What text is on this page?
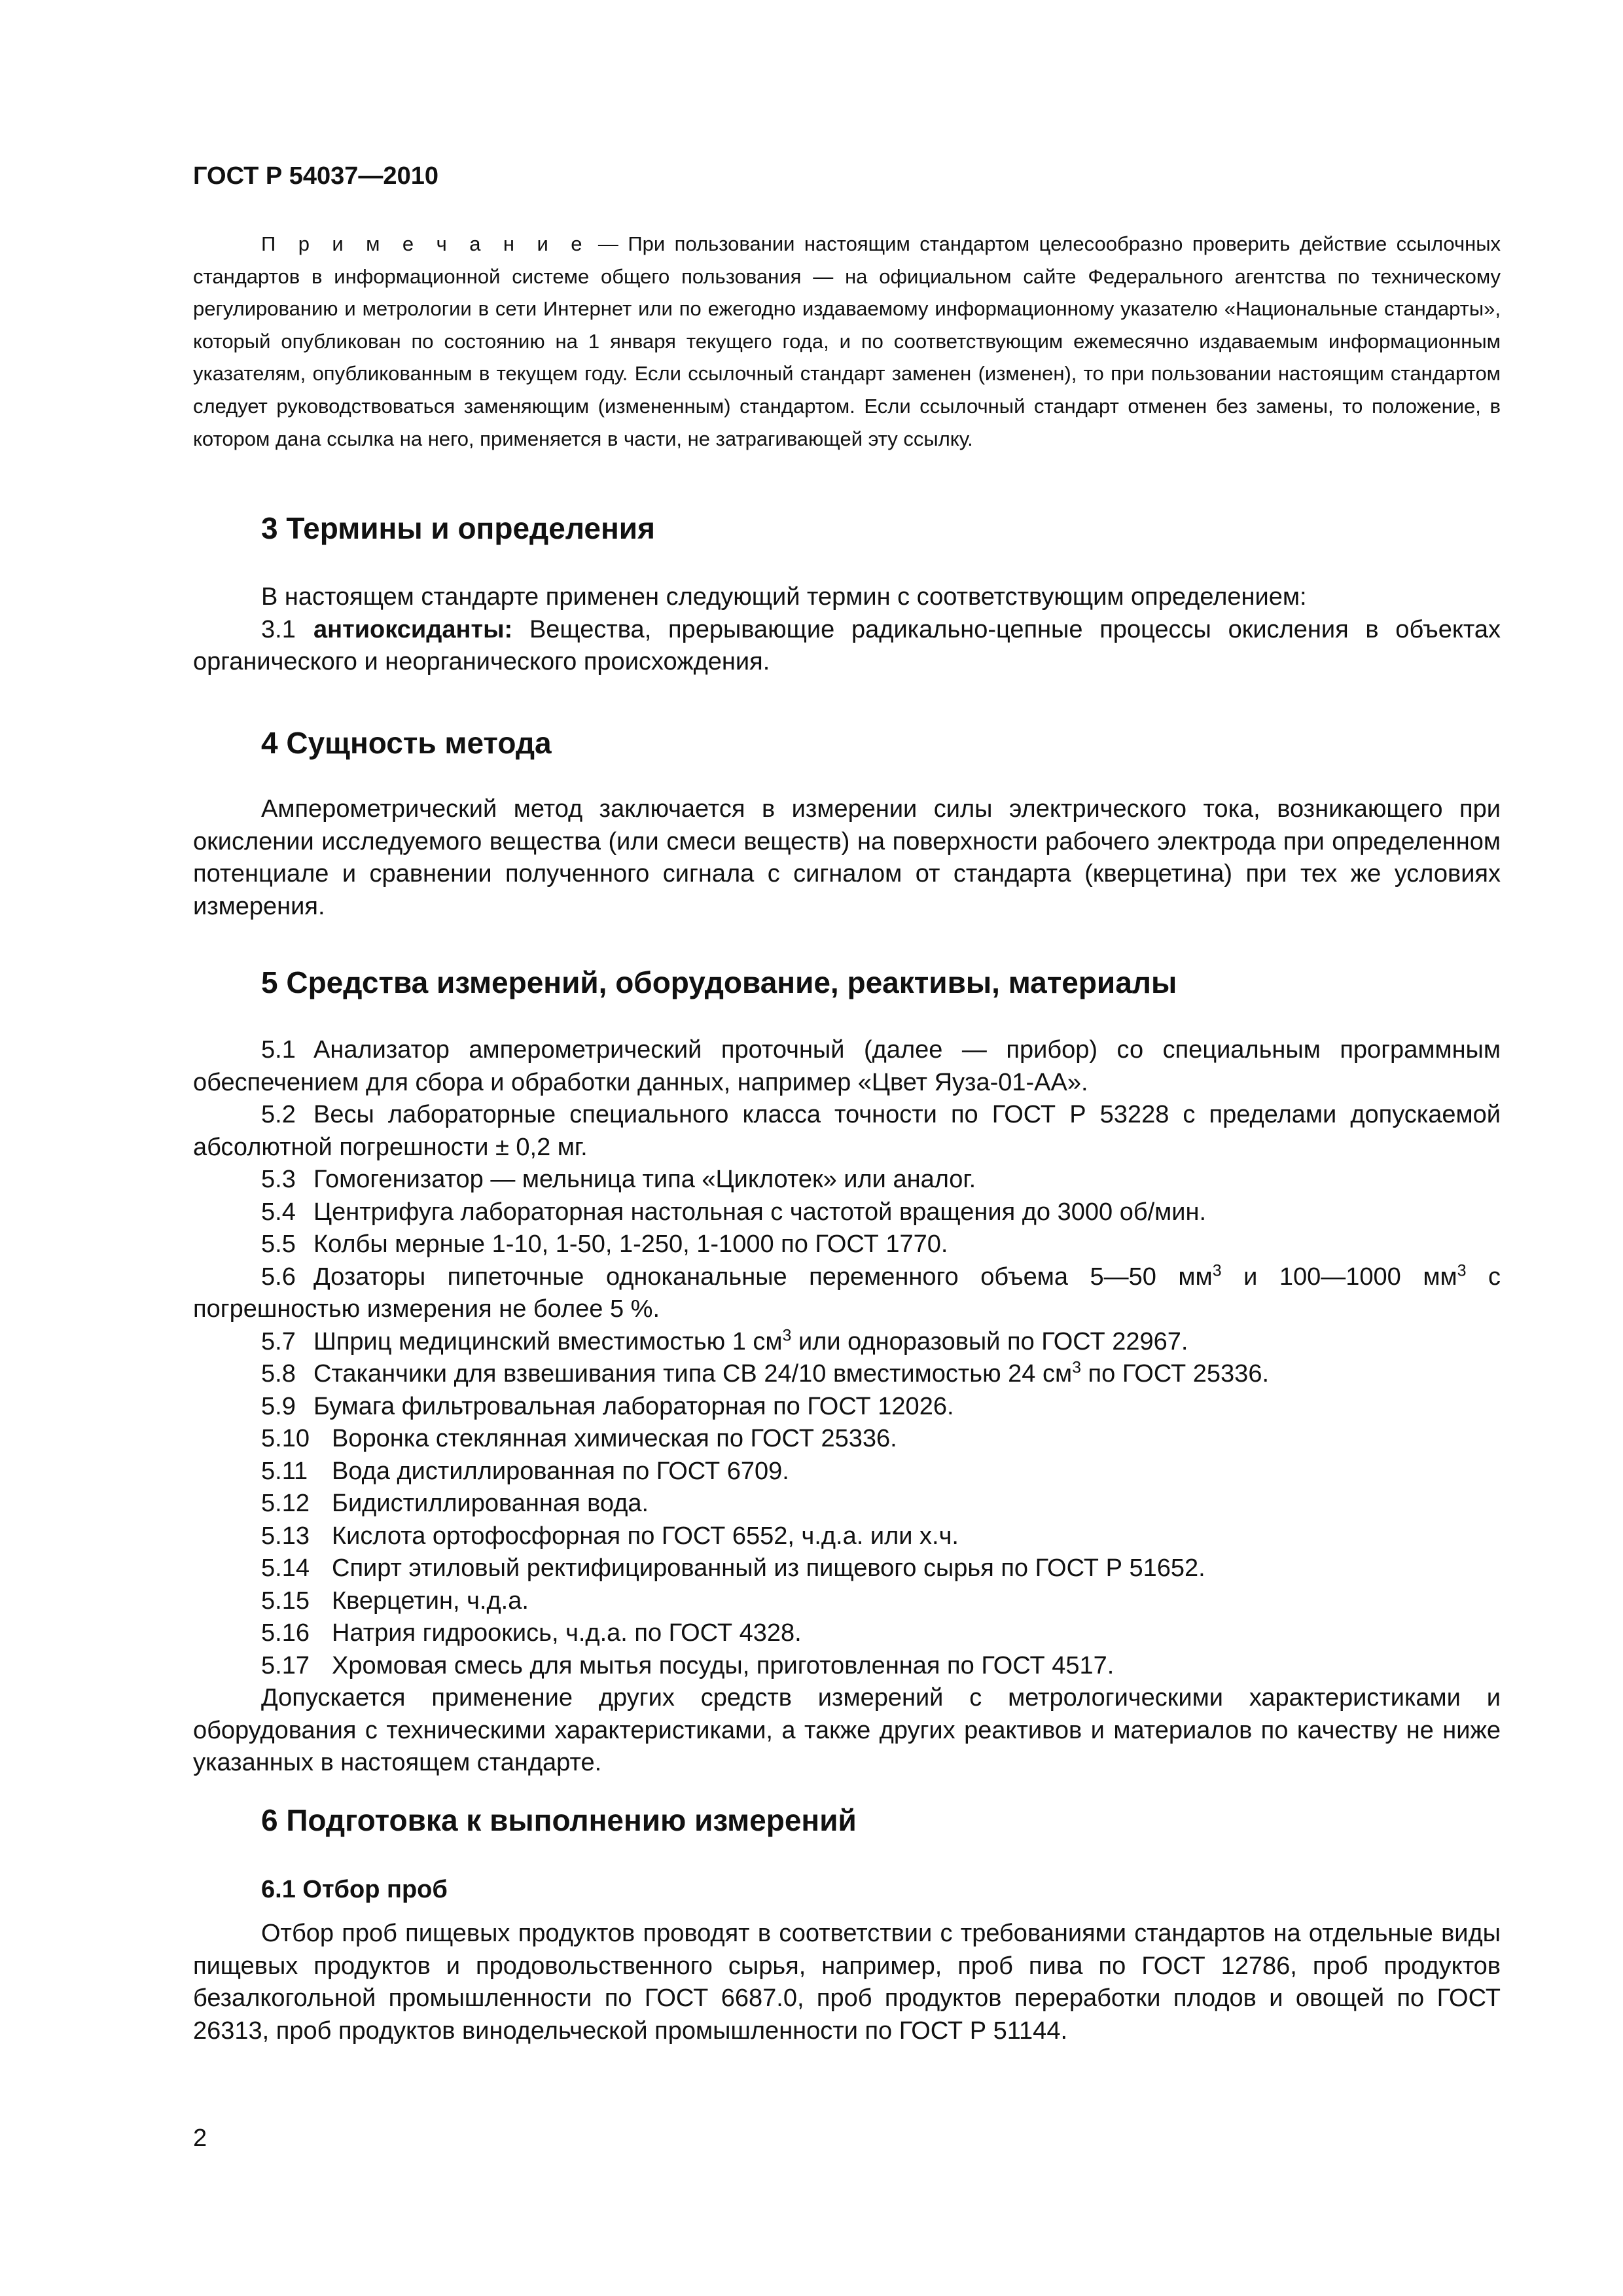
ГОСТ Р 54037—2010

П р и м е ч а н и е — При пользовании настоящим стандартом целесообразно проверить действие ссылочных стандартов в информационной системе общего пользования — на официальном сайте Федерального агентства по техническому регулированию и метрологии в сети Интернет или по ежегодно издаваемому информационному указателю «Национальные стандарты», который опубликован по состоянию на 1 января текущего года, и по соответствующим ежемесячно издаваемым информационным указателям, опубликованным в текущем году. Если ссылочный стандарт заменен (изменен), то при пользовании настоящим стандартом следует руководствоваться заменяющим (измененным) стандартом. Если ссылочный стандарт отменен без замены, то положение, в котором дана ссылка на него, применяется в части, не затрагивающей эту ссылку.

3 Термины и определения

В настоящем стандарте применен следующий термин с соответствующим определением:

3.1 антиоксиданты: Вещества, прерывающие радикально-цепные процессы окисления в объектах органического и неорганического происхождения.

4 Сущность метода

Амперометрический метод заключается в измерении силы электрического тока, возникающего при окислении исследуемого вещества (или смеси веществ) на поверхности рабочего электрода при определенном потенциале и сравнении полученного сигнала с сигналом от стандарта (кверцетина) при тех же условиях измерения.

5 Средства измерений, оборудование, реактивы, материалы

5.1 Анализатор амперометрический проточный (далее — прибор) со специальным программным обеспечением для сбора и обработки данных, например «Цвет Яуза-01-АА».

5.2 Весы лабораторные специального класса точности по ГОСТ Р 53228 с пределами допускаемой абсолютной погрешности ± 0,2 мг.

5.3 Гомогенизатор — мельница типа «Циклотек» или аналог.

5.4 Центрифуга лабораторная настольная с частотой вращения до 3000 об/мин.

5.5 Колбы мерные 1-10, 1-50, 1-250, 1-1000 по ГОСТ 1770.

5.6 Дозаторы пипеточные одноканальные переменного объема 5—50 $мм^3$ и 100—1000 $мм^3$ с погрешностью измерения не более 5 %.

5.7 Шприц медицинский вместимостью 1 $см^3$ или одноразовый по ГОСТ 22967.

5.8 Стаканчики для взвешивания типа СВ 24/10 вместимостью 24 $см^3$ по ГОСТ 25336.

5.9 Бумага фильтровальная лабораторная по ГОСТ 12026.

5.10 Воронка стеклянная химическая по ГОСТ 25336.

5.11 Вода дистиллированная по ГОСТ 6709.

5.12 Бидистиллированная вода.

5.13 Кислота ортофосфорная по ГОСТ 6552, ч.д.а. или х.ч.

5.14 Спирт этиловый ректифицированный из пищевого сырья по ГОСТ Р 51652.

5.15 Кверцетин, ч.д.а.

5.16 Натрия гидроокись, ч.д.а. по ГОСТ 4328.

5.17 Хромовая смесь для мытья посуды, приготовленная по ГОСТ 4517.

Допускается применение других средств измерений с метрологическими характеристиками и оборудования с техническими характеристиками, а также других реактивов и материалов по качеству не ниже указанных в настоящем стандарте.

6 Подготовка к выполнению измерений
6.1 Отбор проб

Отбор проб пищевых продуктов проводят в соответствии с требованиями стандартов на отдельные виды пищевых продуктов и продовольственного сырья, например, проб пива по ГОСТ 12786, проб продуктов безалкогольной промышленности по ГОСТ 6687.0, проб продуктов переработки плодов и овощей по ГОСТ 26313, проб продуктов винодельческой промышленности по ГОСТ Р 51144.

2
